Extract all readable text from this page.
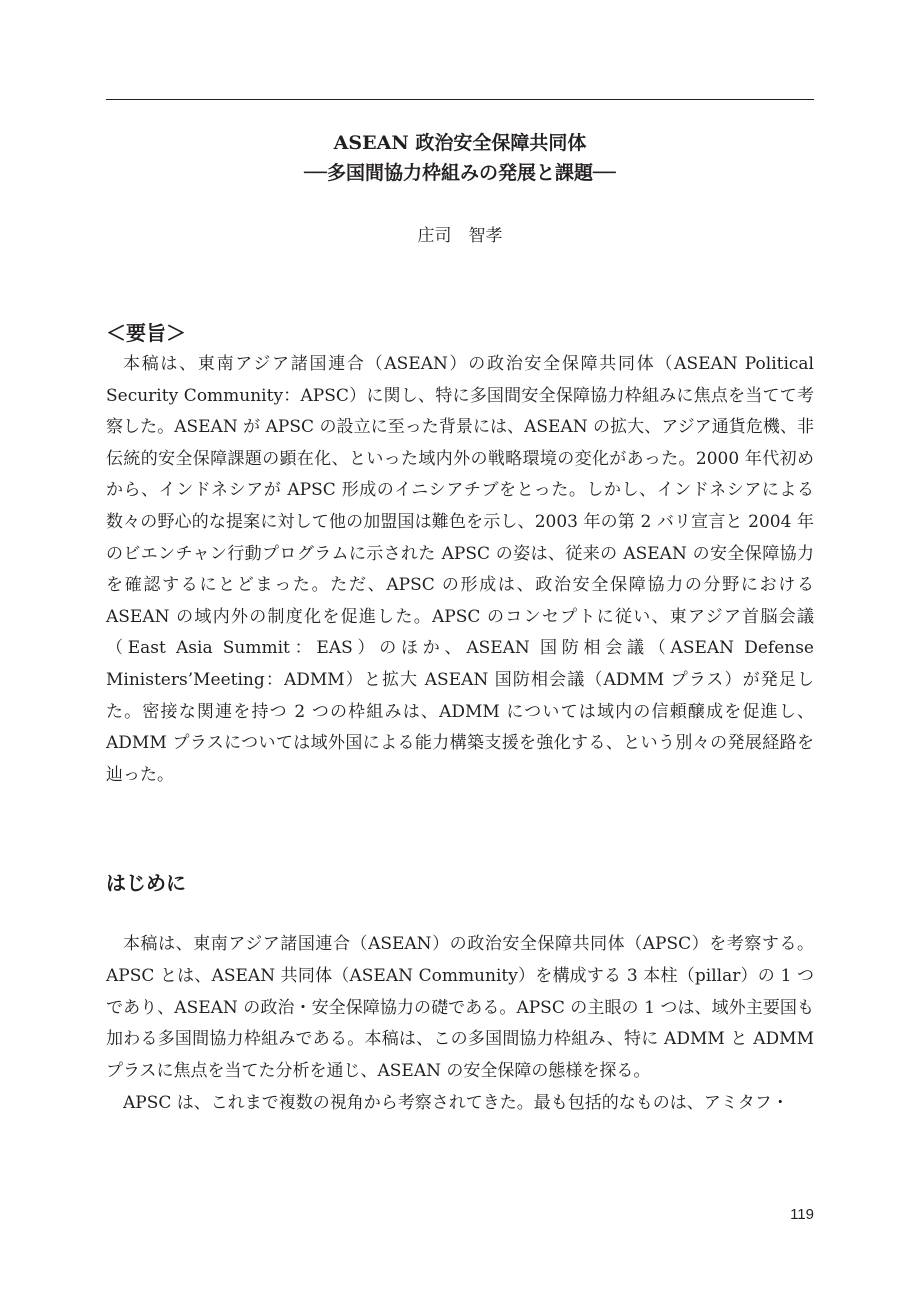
ASEAN 政治安全保障共同体
──多国間協力枠組みの発展と課題──
庄司　智孝
＜要旨＞
本稿は、東南アジア諸国連合（ASEAN）の政治安全保障共同体（ASEAN Political Security Community：APSC）に関し、特に多国間安全保障協力枠組みに焦点を当てて考察した。ASEAN が APSC の設立に至った背景には、ASEAN の拡大、アジア通貨危機、非伝統的安全保障課題の顕在化、といった域内外の戦略環境の変化があった。2000 年代初めから、インドネシアが APSC 形成のイニシアチブをとった。しかし、インドネシアによる数々の野心的な提案に対して他の加盟国は難色を示し、2003 年の第 2 バリ宣言と 2004 年のビエンチャン行動プログラムに示された APSC の姿は、従来の ASEAN の安全保障協力を確認するにとどまった。ただ、APSC の形成は、政治安全保障協力の分野における ASEAN の域内外の制度化を促進した。APSC のコンセプトに従い、東アジア首脳会議（East Asia Summit：EAS）のほか、ASEAN 国防相会議（ASEAN Defense Ministers’Meeting：ADMM）と拡大 ASEAN 国防相会議（ADMM プラス）が発足した。密接な関連を持つ 2 つの枠組みは、ADMM については域内の信頼醸成を促進し、ADMM プラスについては域外国による能力構築支援を強化する、という別々の発展経路を辿った。
はじめに

本稿は、東南アジア諸国連合（ASEAN）の政治安全保障共同体（APSC）を考察する。APSC とは、ASEAN 共同体（ASEAN Community）を構成する 3 本柱（pillar）の 1 つであり、ASEAN の政治・安全保障協力の礎である。APSC の主眼の 1 つは、域外主要国も加わる多国間協力枠組みである。本稿は、この多国間協力枠組み、特に ADMM と ADMM プラスに焦点を当てた分析を通じ、ASEAN の安全保障の態様を探る。

APSC は、これまで複数の視角から考察されてきた。最も包括的なものは、アミタフ・

119
